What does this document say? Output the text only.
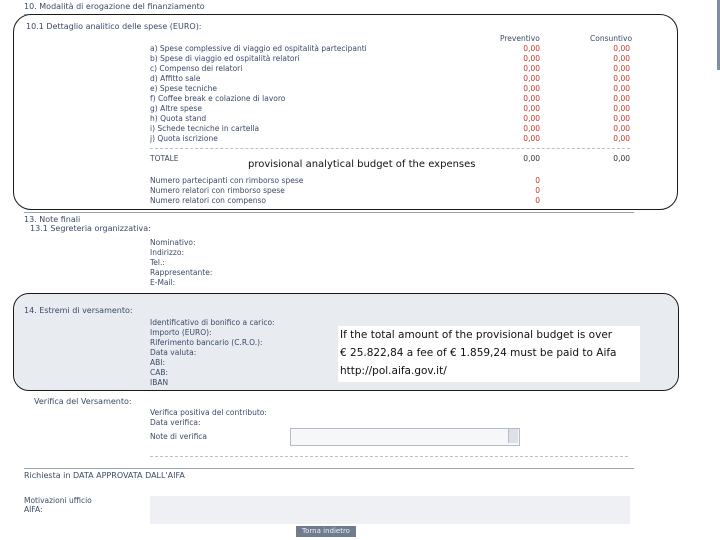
10. Modalità di erogazione del finanziamento
10.1 Dettaglio analitico delle spese (EURO):
Preventivo	Consuntivo
a) Spese complessive di viaggio ed ospitalità partecipanti	0,00	0,00
b) Spese di viaggio ed ospitalità relatori	0,00	0,00
c) Compenso dei relatori	0,00	0,00
d) Affitto sale	0,00	0,00
e) Spese tecniche	0,00	0,00
f) Coffee break e colazione di lavoro	0,00	0,00
g) Altre spese	0,00	0,00
h) Quota stand	0,00	0,00
i) Schede tecniche in cartella	0,00	0,00
j) Quota iscrizione	0,00	0,00
TOTALE	0,00	0,00
Numero partecipanti con rimborso spese	0
Numero relatori con rimborso spese	0
Numero relatori con compenso	0
provisional analytical budget of the expenses
13. Note finali
13.1 Segreteria organizzativa:
Nominativo:
Indirizzo:
Tel.:
Rappresentante:
E-Mail:
14. Estremi di versamento:
Identificativo di bonifico a carico:
Importo (EURO):
Riferimento bancario (C.R.O.):
Data valuta:
ABI:
CAB:
IBAN
If the total amount of the provisional budget is over
€ 25.822,84 a fee of € 1.859,24 must be paid to Aifa
http://pol.aifa.gov.it/
Verifica del Versamento:
Verifica positiva del contributo:
Data verifica:
Note di verifica
Richiesta in DATA APPROVATA DALL'AIFA
Motivazioni ufficio AIFA:
Torna indietro
